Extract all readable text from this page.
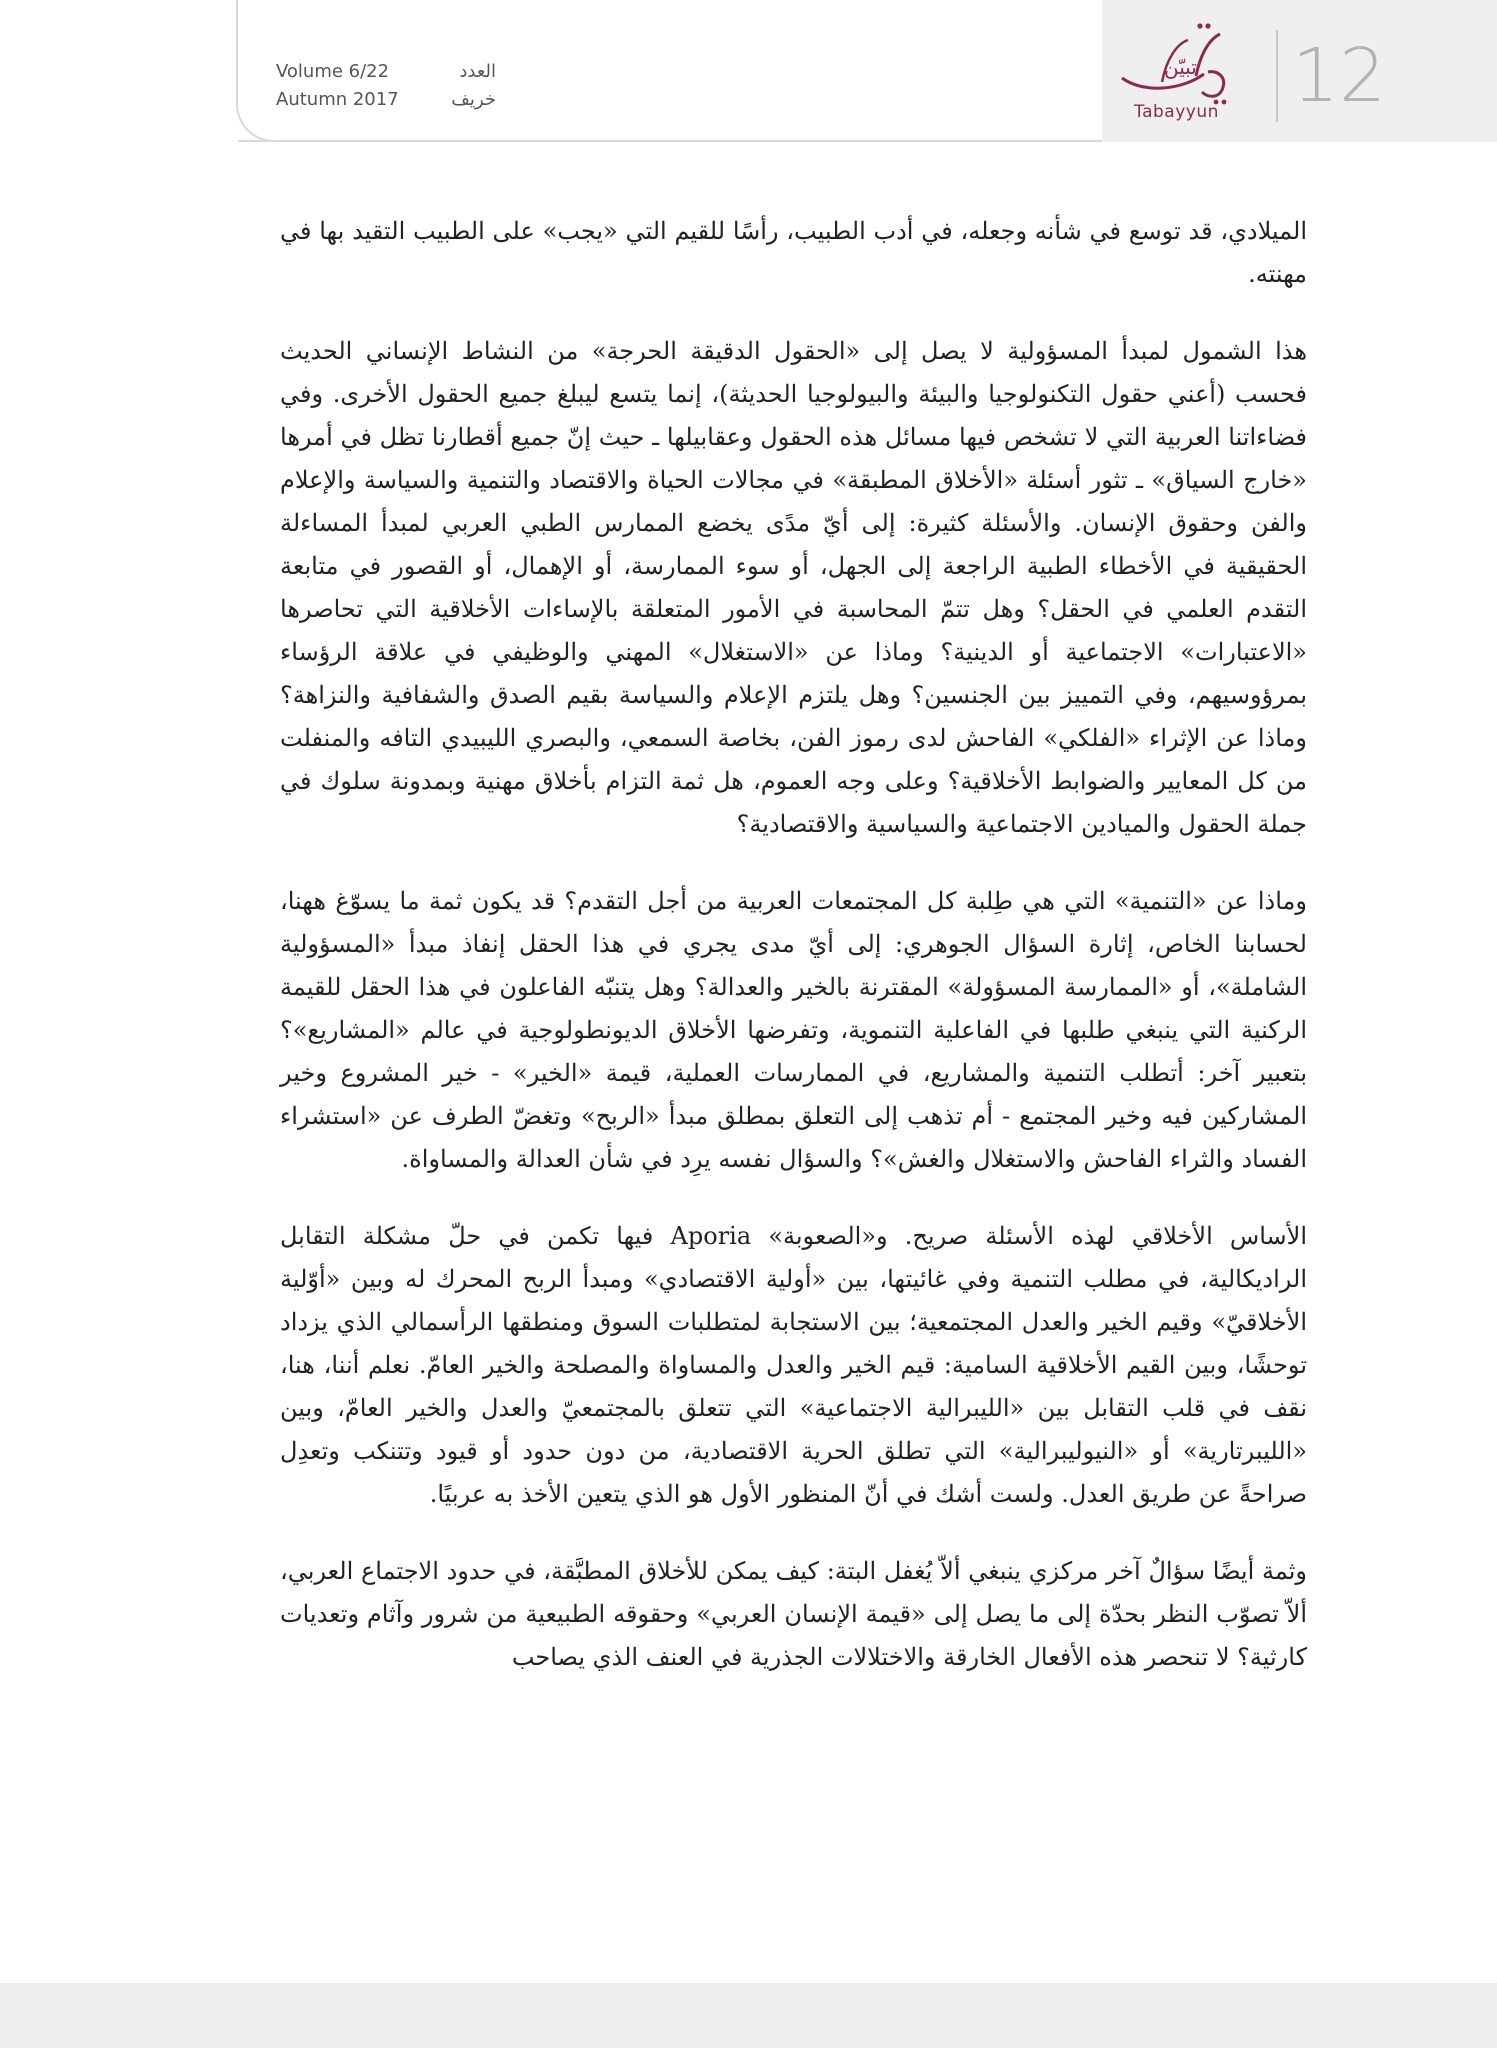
Volume 6/22	العدد
Autumn 2017	خريف
تبيّن
Tabayyun 12

الميلادي، قد توسع في شأنه وجعله، في أدب الطبيب، رأسًا للقيم التي «يجب» على الطبيب التقيد بها في مهنته.

هذا الشمول لمبدأ المسؤولية لا يصل إلى «الحقول الدقيقة الحرجة» من النشاط الإنساني الحديث فحسب (أعني حقول التكنولوجيا والبيئة والبيولوجيا الحديثة)، إنما يتسع ليبلغ جميع الحقول الأخرى. وفي فضاءاتنا العربية التي لا تشخص فيها مسائل هذه الحقول وعقابيلها ـ حيث إنّ جميع أقطارنا تظل في أمرها «خارج السياق» ـ تثور أسئلة «الأخلاق المطبقة» في مجالات الحياة والاقتصاد والتنمية والسياسة والإعلام والفن وحقوق الإنسان. والأسئلة كثيرة: إلى أيّ مدًى يخضع الممارس الطبي العربي لمبدأ المساءلة الحقيقية في الأخطاء الطبية الراجعة إلى الجهل، أو سوء الممارسة، أو الإهمال، أو القصور في متابعة التقدم العلمي في الحقل؟ وهل تتمّ المحاسبة في الأمور المتعلقة بالإساءات الأخلاقية التي تحاصرها «الاعتبارات» الاجتماعية أو الدينية؟ وماذا عن «الاستغلال» المهني والوظيفي في علاقة الرؤساء بمرؤوسيهم، وفي التمييز بين الجنسين؟ وهل يلتزم الإعلام والسياسة بقيم الصدق والشفافية والنزاهة؟ وماذا عن الإثراء «الفلكي» الفاحش لدى رموز الفن، بخاصة السمعي، والبصري الليبيدي التافه والمنفلت من كل المعايير والضوابط الأخلاقية؟ وعلى وجه العموم، هل ثمة التزام بأخلاق مهنية وبمدونة سلوك في جملة الحقول والميادين الاجتماعية والسياسية والاقتصادية؟

وماذا عن «التنمية» التي هي طِلبة كل المجتمعات العربية من أجل التقدم؟ قد يكون ثمة ما يسوّغ ههنا، لحسابنا الخاص، إثارة السؤال الجوهري: إلى أيّ مدى يجري في هذا الحقل إنفاذ مبدأ «المسؤولية الشاملة»، أو «الممارسة المسؤولة» المقترنة بالخير والعدالة؟ وهل يتنبّه الفاعلون في هذا الحقل للقيمة الركنية التي ينبغي طلبها في الفاعلية التنموية، وتفرضها الأخلاق الديونطولوجية في عالم «المشاريع»؟ بتعبير آخر: أتطلب التنمية والمشاريع، في الممارسات العملية، قيمة «الخير» - خير المشروع وخير المشاركين فيه وخير المجتمع - أم تذهب إلى التعلق بمطلق مبدأ «الربح» وتغضّ الطرف عن «استشراء الفساد والثراء الفاحش والاستغلال والغش»؟ والسؤال نفسه يرِد في شأن العدالة والمساواة.

الأساس الأخلاقي لهذه الأسئلة صريح. و«الصعوبة» Aporia فيها تكمن في حلّ مشكلة التقابل الراديكالية، في مطلب التنمية وفي غائيتها، بين «أولية الاقتصادي» ومبدأ الربح المحرك له وبين «أوّلية الأخلاقيّ» وقيم الخير والعدل المجتمعية؛ بين الاستجابة لمتطلبات السوق ومنطقها الرأسمالي الذي يزداد توحشًا، وبين القيم الأخلاقية السامية: قيم الخير والعدل والمساواة والمصلحة والخير العامّ. نعلم أننا، هنا، نقف في قلب التقابل بين «الليبرالية الاجتماعية» التي تتعلق بالمجتمعيّ والعدل والخير العامّ، وبين «الليبرتارية» أو «النيوليبرالية» التي تطلق الحرية الاقتصادية، من دون حدود أو قيود وتتنكب وتعدِل صراحةً عن طريق العدل. ولست أشك في أنّ المنظور الأول هو الذي يتعين الأخذ به عربيًا.

وثمة أيضًا سؤالٌ آخر مركزي ينبغي ألاّ يُغفل البتة: كيف يمكن للأخلاق المطبَّقة، في حدود الاجتماع العربي، ألاّ تصوّب النظر بحدّة إلى ما يصل إلى «قيمة الإنسان العربي» وحقوقه الطبيعية من شرور وآثام وتعديات كارثية؟ لا تنحصر هذه الأفعال الخارقة والاختلالات الجذرية في العنف الذي يصاحب
